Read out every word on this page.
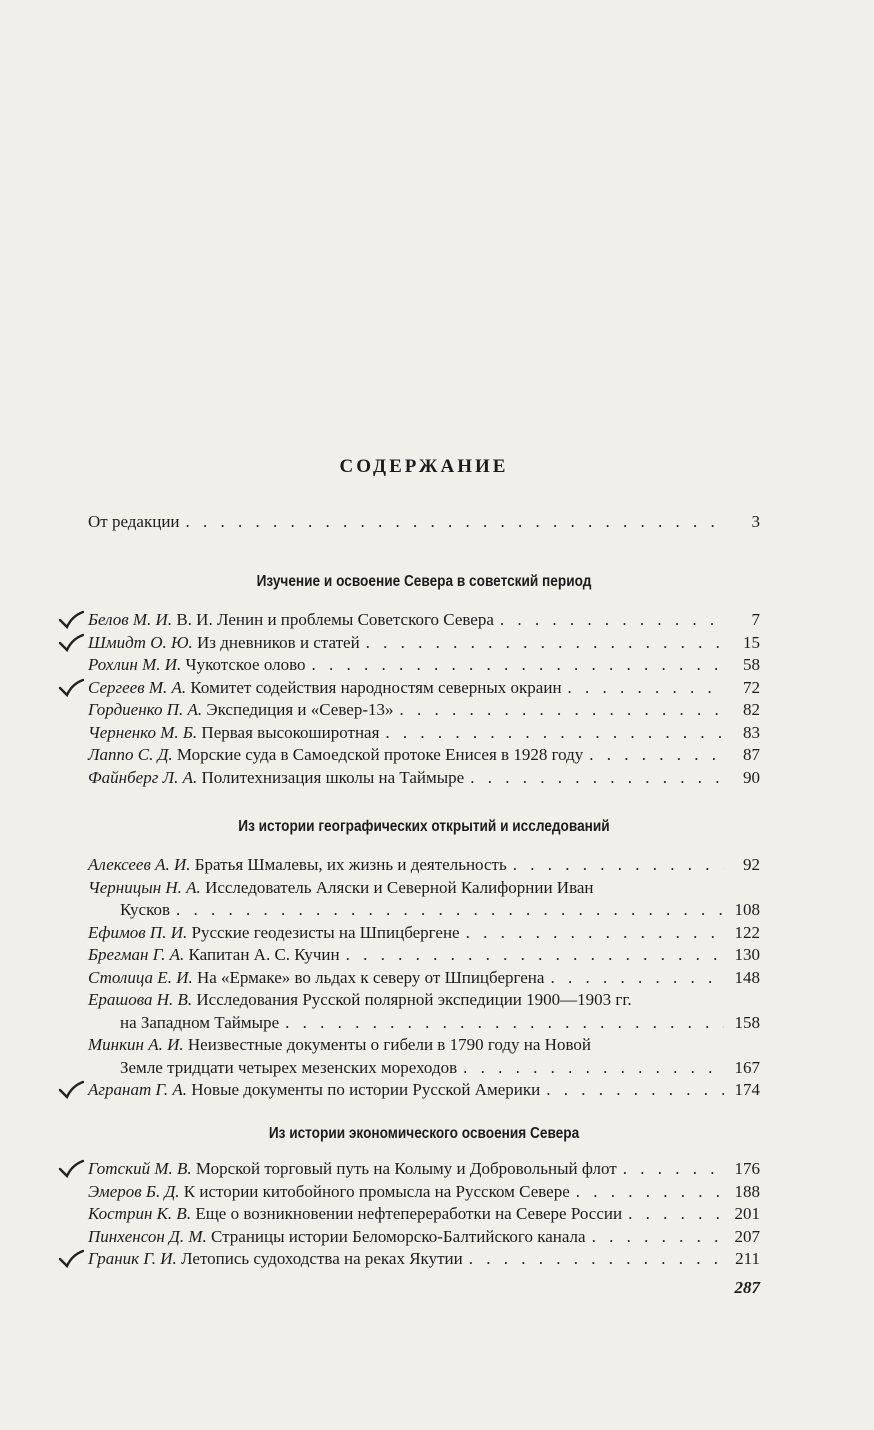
СОДЕРЖАНИЕ
От редакции . . .	3
Изучение и освоение Севера в советский период
Белов М. И. В. И. Ленин и проблемы Советского Севера . . .	7
Шмидт О. Ю. Из дневников и статей . . .	15
Рохлин М. И. Чукотское олово . . .	58
Сергеев М. А. Комитет содействия народностям северных окраин . . .	72
Гордиенко П. А. Экспедиция и «Север-13» . . .	82
Черненко М. Б. Первая высокоширотная . . .	83
Лаппо С. Д. Морские суда в Самоедской протоке Енисея в 1928 году . . .	87
Файнберг Л. А. Политехнизация школы на Таймыре . . .	90
Из истории географических открытий и исследований
Алексеев А. И. Братья Шмалевы, их жизнь и деятельность . . .	92
Черницын Н. А. Исследователь Аляски и Северной Калифорнии Иван
Кусков . . .	108
Ефимов П. И. Русские геодезисты на Шпицбергене . . .	122
Брегман Г. А. Капитан А. С. Кучин . . .	130
Столица Е. И. На «Ермаке» во льдах к северу от Шпицбергена . . .	148
Ерашова Н. В. Исследования Русской полярной экспедиции 1900—1903 гг.
на Западном Таймыре . . .	158
Минкин А. И. Неизвестные документы о гибели в 1790 году на Новой
Земле тридцати четырех мезенских мореходов . . .	167
Агранат Г. А. Новые документы по истории Русской Америки . . .	174
Из истории экономического освоения Севера
Готский М. В. Морской торговый путь на Колыму и Добровольный флот . . .	176
Эмеров Б. Д. К истории китобойного промысла на Русском Севере . . .	188
Кострин К. В. Еще о возникновении нефтепереработки на Севере России . . .	201
Пинхенсон Д. М. Страницы истории Беломорско-Балтийского канала . . .	207
Граник Г. И. Летопись судоходства на реках Якутии . . .	211
287
